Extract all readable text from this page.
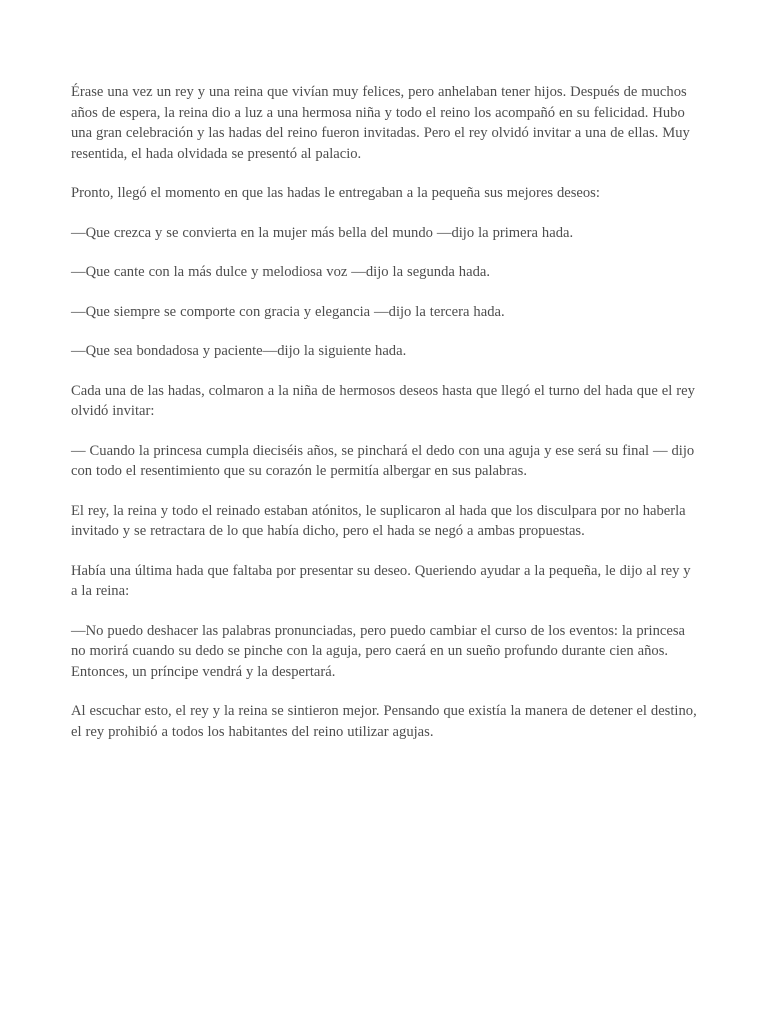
Érase una vez un rey y una reina que vivían muy felices, pero anhelaban tener hijos. Después de muchos años de espera, la reina dio a luz a una hermosa niña y todo el reino los acompañó en su felicidad. Hubo una gran celebración y las hadas del reino fueron invitadas. Pero el rey olvidó invitar a una de ellas. Muy resentida, el hada olvidada se presentó al palacio.

Pronto, llegó el momento en que las hadas le entregaban a la pequeña sus mejores deseos:

—Que crezca y se convierta en la mujer más bella del mundo —dijo la primera hada.

—Que cante con la más dulce y melodiosa voz —dijo la segunda hada.

—Que siempre se comporte con gracia y elegancia —dijo la tercera hada.

—Que sea bondadosa y paciente—dijo la siguiente hada.

Cada una de las hadas, colmaron a la niña de hermosos deseos hasta que llegó el turno del hada que el rey olvidó invitar:

— Cuando la princesa cumpla dieciséis años, se pinchará el dedo con una aguja y ese será su final — dijo con todo el resentimiento que su corazón le permitía albergar en sus palabras.

El rey, la reina y todo el reinado estaban atónitos, le suplicaron al hada que los disculpara por no haberla invitado y se retractara de lo que había dicho, pero el hada se negó a ambas propuestas.

Había una última hada que faltaba por presentar su deseo. Queriendo ayudar a la pequeña, le dijo al rey y a la reina:

—No puedo deshacer las palabras pronunciadas, pero puedo cambiar el curso de los eventos: la princesa no morirá cuando su dedo se pinche con la aguja, pero caerá en un sueño profundo durante cien años. Entonces, un príncipe vendrá y la despertará.

Al escuchar esto, el rey y la reina se sintieron mejor. Pensando que existía la manera de detener el destino, el rey prohibió a todos los habitantes del reino utilizar agujas.
